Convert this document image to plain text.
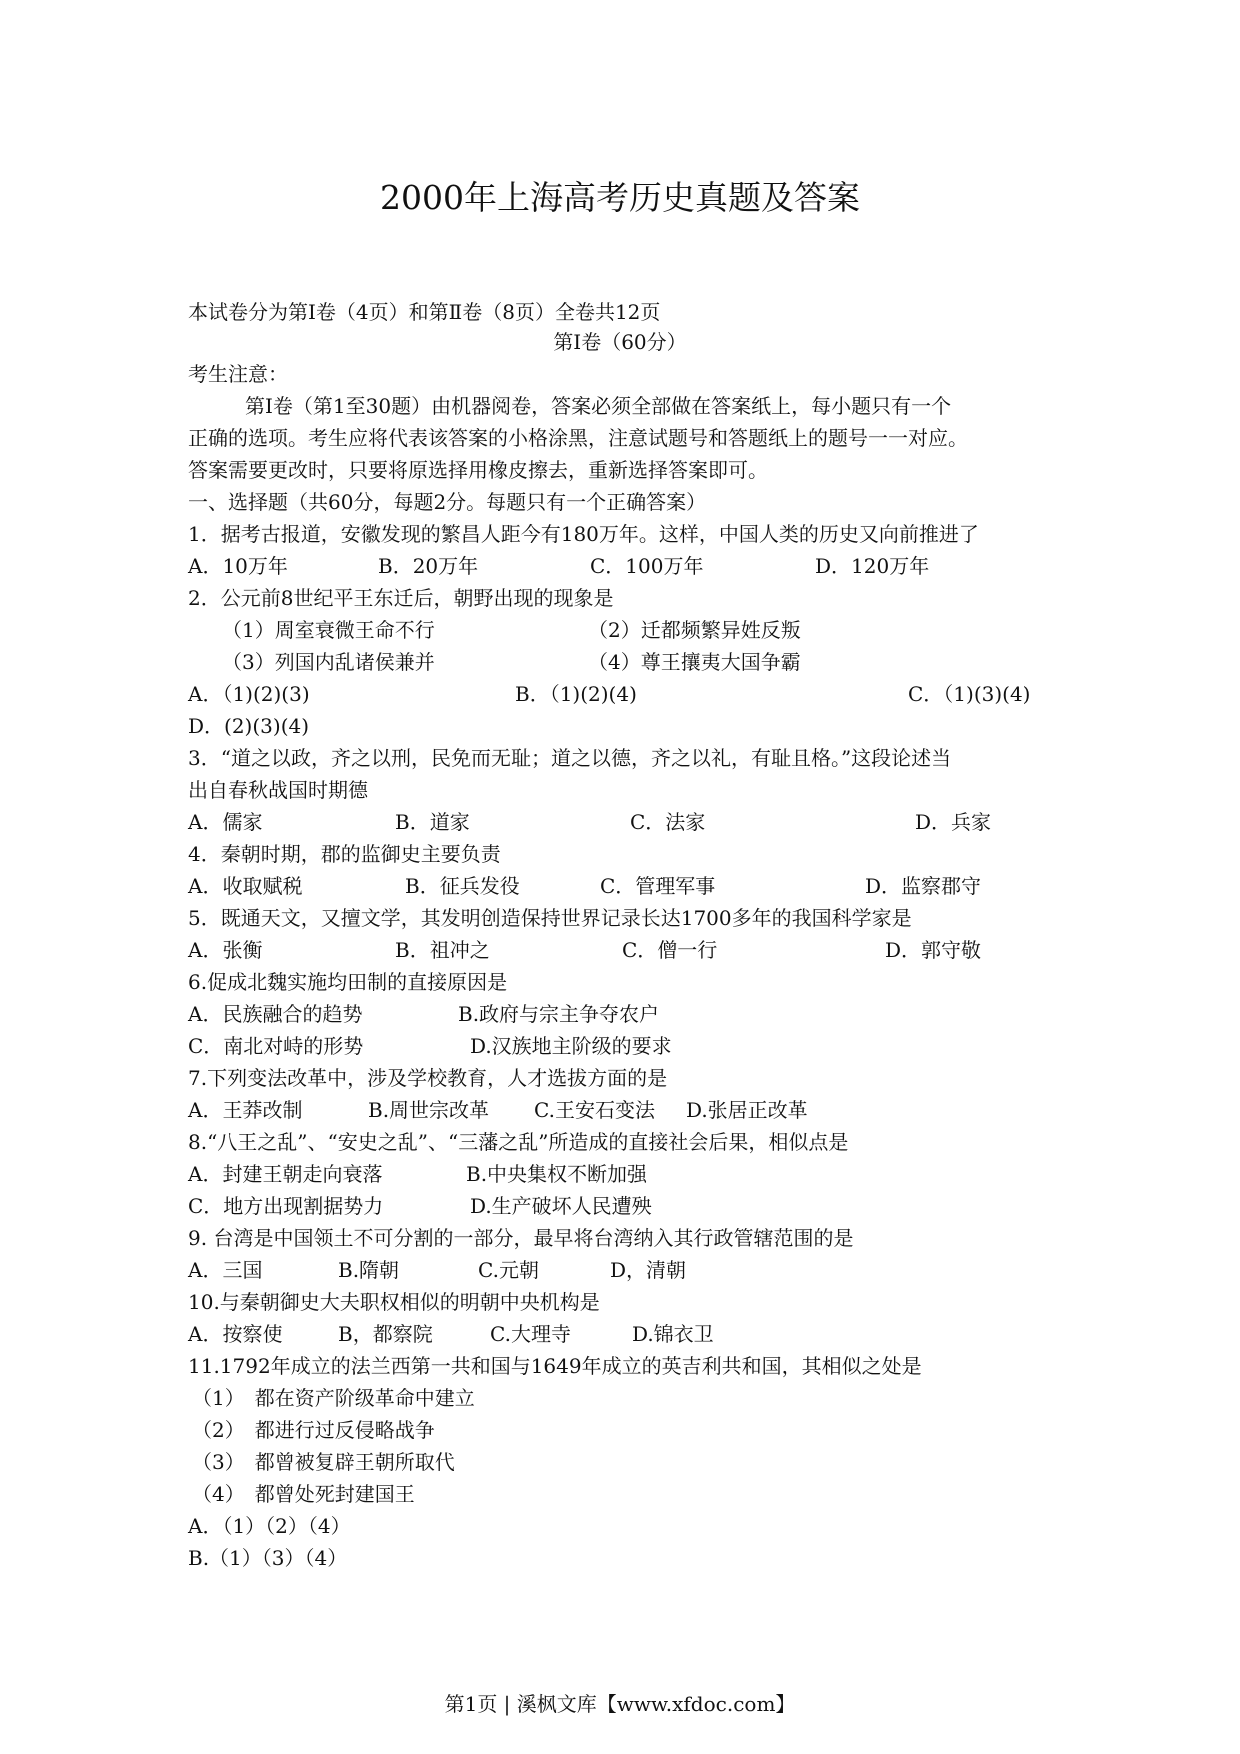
2000年上海高考历史真题及答案
本试卷分为第Ⅰ卷（4页）和第Ⅱ卷（8页）全卷共12页
第Ⅰ卷（60分）
考生注意：
第Ⅰ卷（第1至30题）由机器阅卷，答案必须全部做在答案纸上，每小题只有一个
正确的选项。考生应将代表该答案的小格涂黑，注意试题号和答题纸上的题号一一对应。
答案需要更改时，只要将原选择用橡皮擦去，重新选择答案即可。
一、选择题（共60分，每题2分。每题只有一个正确答案）
1．据考古报道，安徽发现的繁昌人距今有180万年。这样，中国人类的历史又向前推进了
A．10万年	B．20万年	C．100万年	D．120万年
2．公元前8世纪平王东迁后，朝野出现的现象是
（1）周室衰微王命不行	（2）迁都频繁异姓反叛
（3）列国内乱诸侯兼并	（4）尊王攘夷大国争霸
A．（1)(2)(3)	B．（1)(2)(4)	C．（1)(3)(4)
D．(2)(3)(4)
3．“道之以政，齐之以刑，民免而无耻；道之以德，齐之以礼，有耻且格。”这段论述当
出自春秋战国时期德
A．儒家	B．道家	C．法家	D．兵家
4．秦朝时期，郡的监御史主要负责
A．收取赋税	B．征兵发役	C．管理军事	D．监察郡守
5．既通天文，又擅文学，其发明创造保持世界记录长达1700多年的我国科学家是
A．张衡	B．祖冲之	C．僧一行	D．郭守敬
6.促成北魏实施均田制的直接原因是
A．民族融合的趋势	B.政府与宗主争夺农户
C．南北对峙的形势	D.汉族地主阶级的要求
7.下列变法改革中，涉及学校教育，人才选拔方面的是
A．王莽改制	B.周世宗改革 C.王安石变法 D.张居正改革
8.“八王之乱”、“安史之乱”、“三藩之乱”所造成的直接社会后果，相似点是
A．封建王朝走向衰落	B.中央集权不断加强
C．地方出现割据势力	D.生产破坏人民遭殃
9. 台湾是中国领土不可分割的一部分，最早将台湾纳入其行政管辖范围的是
A．三国	B.隋朝	C.元朝	D，清朝
10.与秦朝御史大夫职权相似的明朝中央机构是
A．按察使	B，都察院	C.大理寺	D.锦衣卫
11.1792年成立的法兰西第一共和国与1649年成立的英吉利共和国，其相似之处是
（1）　都在资产阶级革命中建立
（2）　都进行过反侵略战争
（3）　都曾被复辟王朝所取代
（4）　都曾处死封建国王
A．（1）（2）（4）
B.（1）（3）（4）
第1页 | 溪枫文库【www.xfdoc.com】
